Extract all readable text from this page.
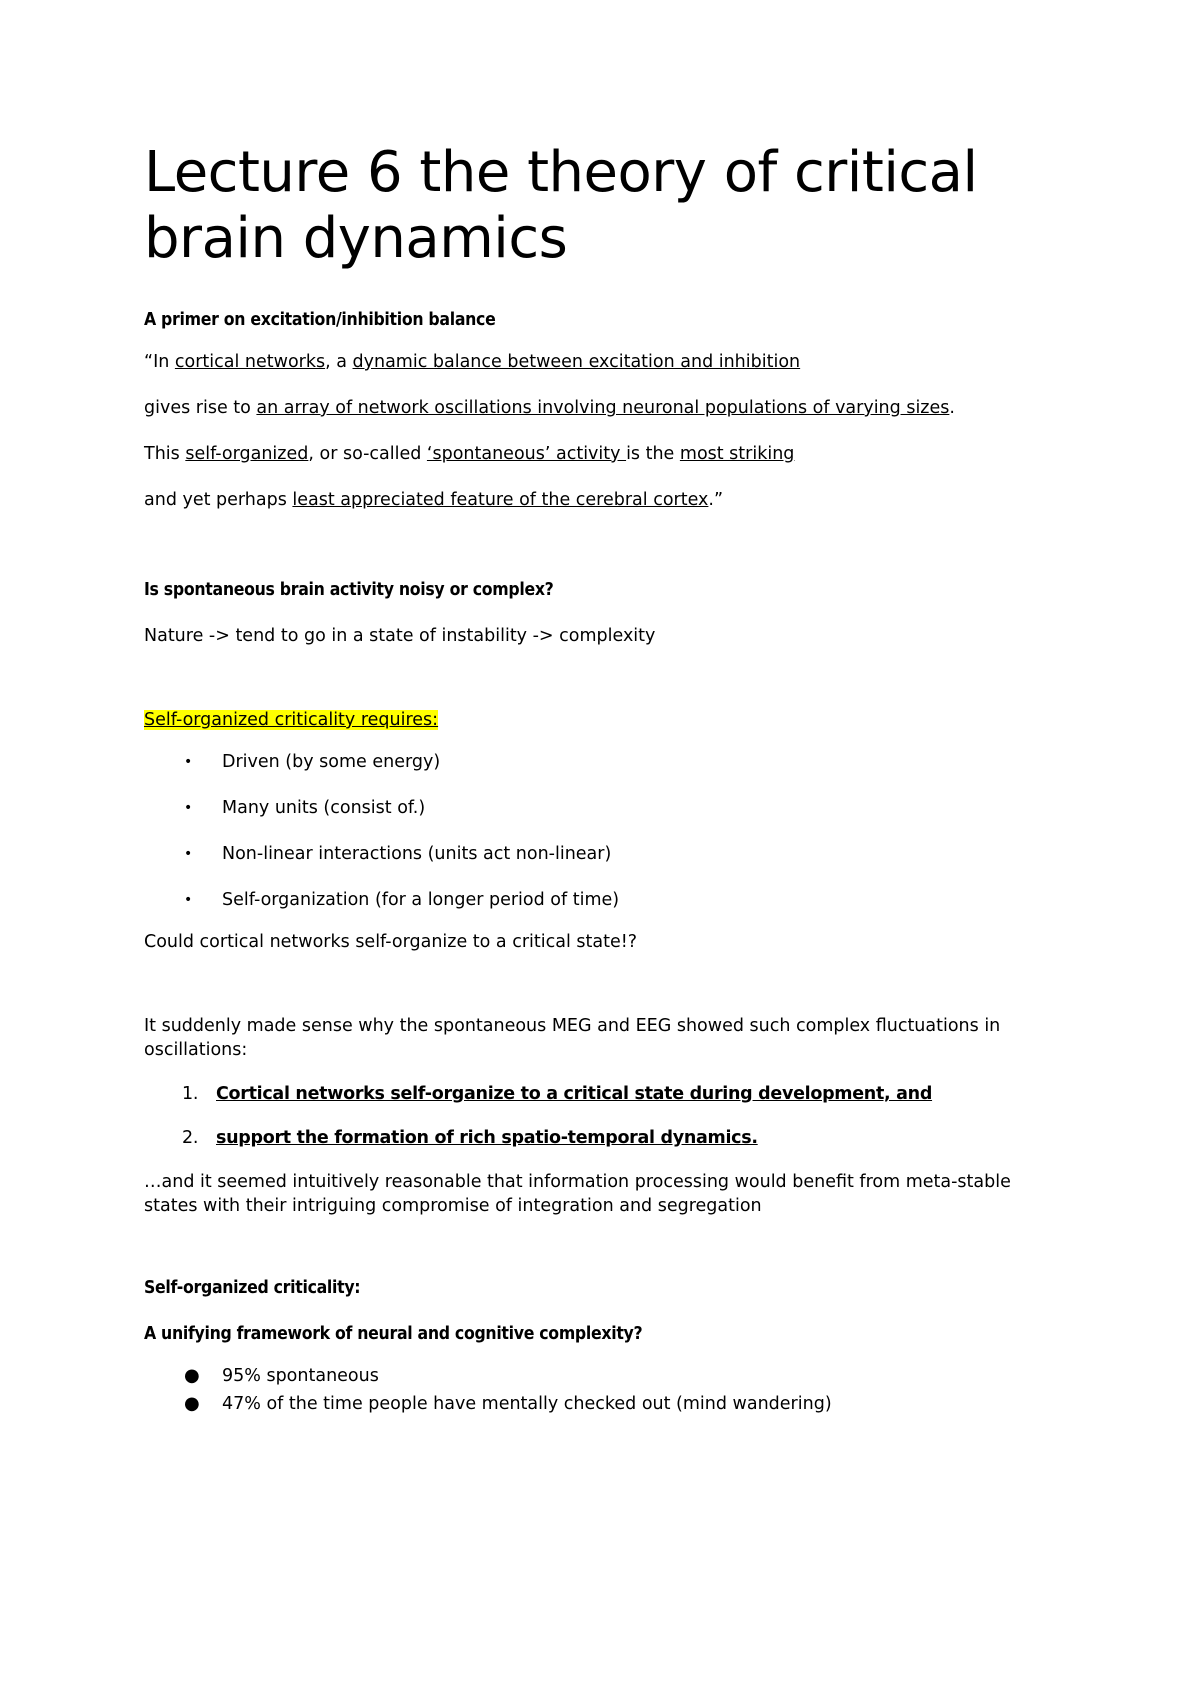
Lecture 6 the theory of critical
brain dynamics

A primer on excitation/inhibition balance

“In cortical networks, a dynamic balance between excitation and inhibition

gives rise to an array of network oscillations involving neuronal populations of varying sizes.

This self-organized, or so-called ‘spontaneous’ activity is the most striking

and yet perhaps least appreciated feature of the cerebral cortex.”

Is spontaneous brain activity noisy or complex?

Nature -> tend to go in a state of instability -> complexity

Self-organized criticality requires:

• Driven (by some energy)
• Many units (consist of.)
• Non-linear interactions (units act non-linear)
• Self-organization (for a longer period of time)

Could cortical networks self-organize to a critical state!?

It suddenly made sense why the spontaneous MEG and EEG showed such complex fluctuations in oscillations:

1. Cortical networks self-organize to a critical state during development, and
2. support the formation of rich spatio-temporal dynamics.

…and it seemed intuitively reasonable that information processing would benefit from meta-stable states with their intriguing compromise of integration and segregation

Self-organized criticality:

A unifying framework of neural and cognitive complexity?

● 95% spontaneous
● 47% of the time people have mentally checked out (mind wandering)
